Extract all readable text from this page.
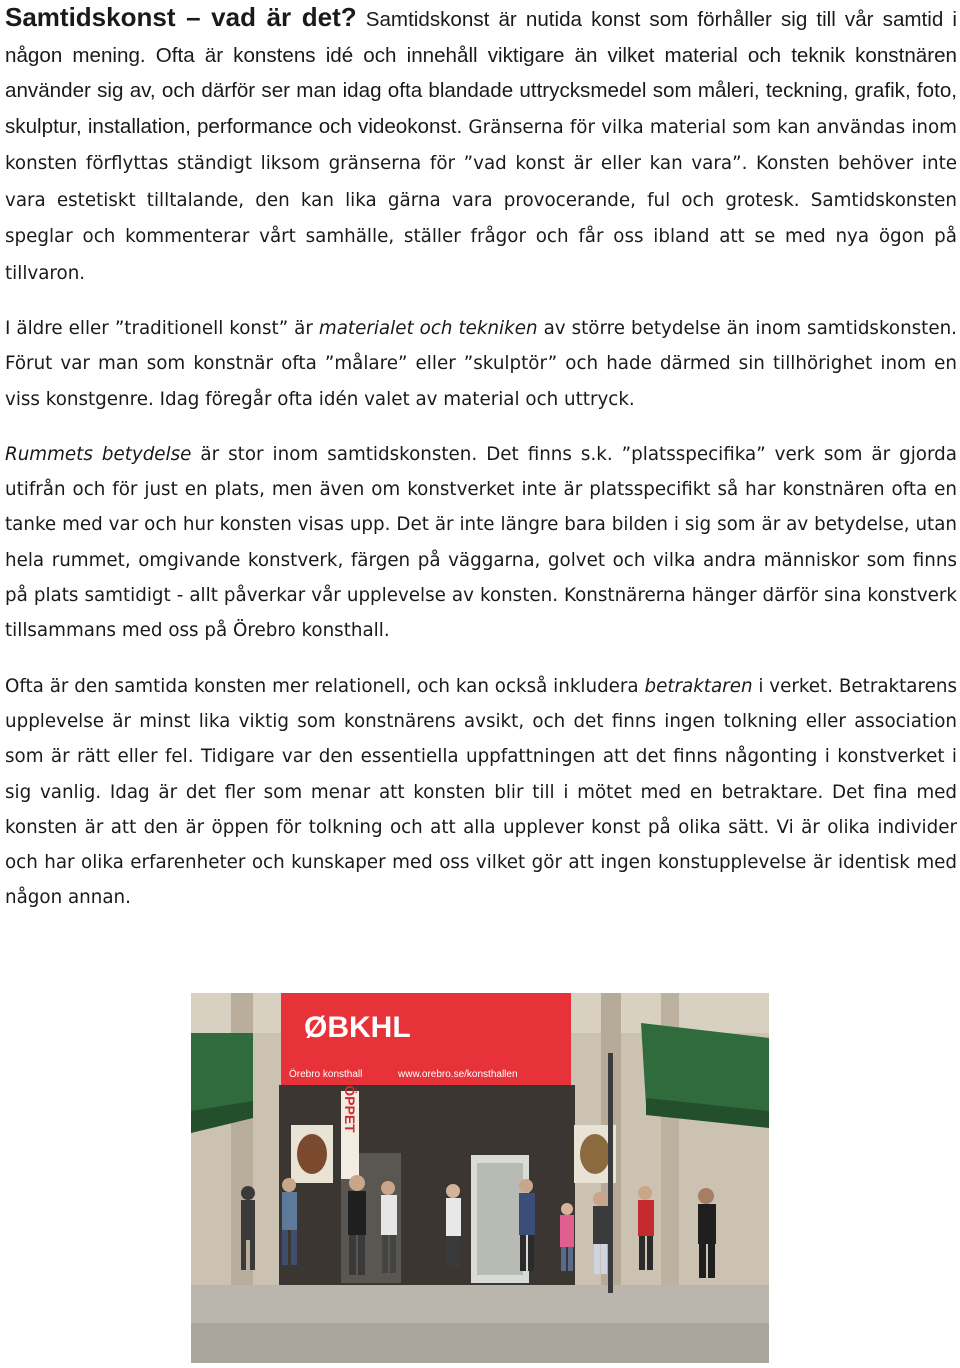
Samtidskonst – vad är det? Samtidskonst är nutida konst som förhåller sig till vår samtid i någon mening. Ofta är konstens idé och innehåll viktigare än vilket material och teknik konstnären använder sig av, och därför ser man idag ofta blandade uttrycksmedel som måleri, teckning, grafik, foto, skulptur, installation, performance och videokonst. Gränserna för vilka material som kan användas inom konsten förflyttas ständigt liksom gränserna för ”vad konst är eller kan vara”. Konsten behöver inte vara estetiskt tilltalande, den kan lika gärna vara provocerande, ful och grotesk. Samtidskonsten speglar och kommenterar vårt samhälle, ställer frågor och får oss ibland att se med nya ögon på tillvaron.

I äldre eller ”traditionell konst” är materialet och tekniken av större betydelse än inom samtidskonsten. Förut var man som konstnär ofta ”målare” eller ”skulptör” och hade därmed sin tillhörighet inom en viss konstgenre. Idag föregår ofta idén valet av material och uttryck.

Rummets betydelse är stor inom samtidskonsten. Det finns s.k. ”platsspecifika” verk som är gjorda utifrån och för just en plats, men även om konstverket inte är platsspecifikt så har konstnären ofta en tanke med var och hur konsten visas upp. Det är inte längre bara bilden i sig som är av betydelse, utan hela rummet, omgivande konstverk, färgen på väggarna, golvet och vilka andra människor som finns på plats samtidigt - allt påverkar vår upplevelse av konsten. Konstnärerna hänger därför sina konstverk tillsammans med oss på Örebro konsthall.

Ofta är den samtida konsten mer relationell, och kan också inkludera betraktaren i verket. Betraktarens upplevelse är minst lika viktig som konstnärens avsikt, och det finns ingen tolkning eller association som är rätt eller fel. Tidigare var den essentiella uppfattningen att det finns någonting i konstverket i sig vanlig. Idag är det fler som menar att konsten blir till i mötet med en betraktare. Det fina med konsten är att den är öppen för tolkning och att alla upplever konst på olika sätt. Vi är olika individer och har olika erfarenheter och kunskaper med oss vilket gör att ingen konstupplevelse är identisk med någon annan.

ØBKHL
Örebro konsthall	www.orebro.se/konsthallen
ÖPPET
